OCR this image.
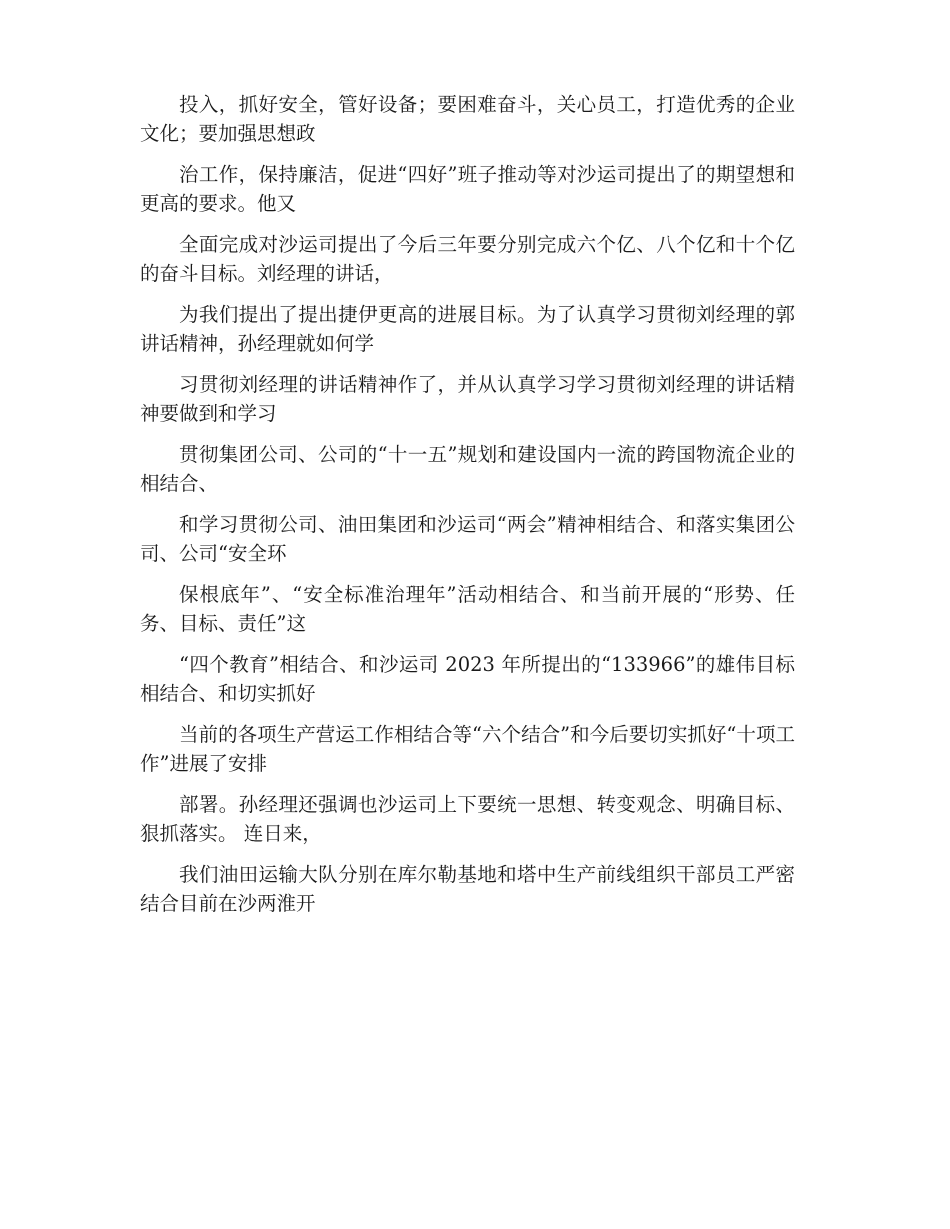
投入，抓好安全，管好设备；要困难奋斗，关心员工，打造优秀的企业文化；要加强思想政

治工作，保持廉洁，促进“四好”班子推动等对沙运司提出了的期望想和更高的要求。他又

全面完成对沙运司提出了今后三年要分别完成六个亿、八个亿和十个亿的奋斗目标。刘经理的讲话，

为我们提出了提出捷伊更高的进展目标。为了认真学习贯彻刘经理的郭讲话精神，孙经理就如何学

习贯彻刘经理的讲话精神作了，并从认真学习学习贯彻刘经理的讲话精神要做到和学习

贯彻集团公司、公司的“十一五”规划和建设国内一流的跨国物流企业的相结合、

和学习贯彻公司、油田集团和沙运司“两会”精神相结合、和落实集团公司、公司“安全环

保根底年”、“安全标准治理年”活动相结合、和当前开展的“形势、任务、目标、责任”这

“四个教育”相结合、和沙运司 2023 年所提出的“133966”的雄伟目标相结合、和切实抓好

当前的各项生产营运工作相结合等“六个结合”和今后要切实抓好“十项工作”进展了安排

部署。孙经理还强调也沙运司上下要统一思想、转变观念、明确目标、狠抓落实。 连日来，

我们油田运输大队分别在库尔勒基地和塔中生产前线组织干部员工严密结合目前在沙两淮开
